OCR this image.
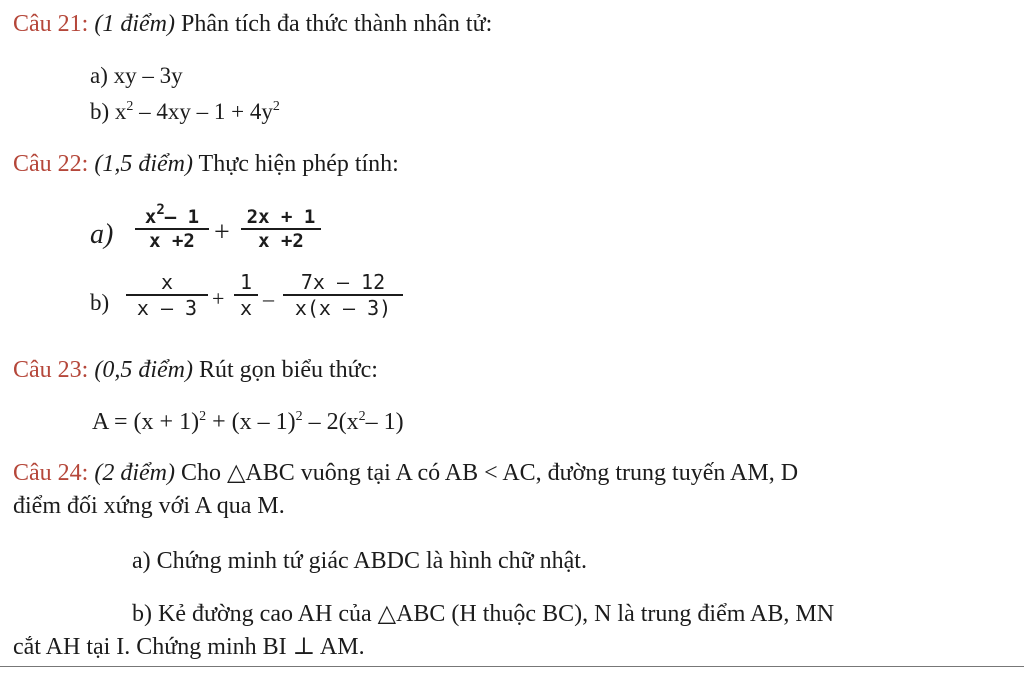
Câu 21: (1 điểm) Phân tích đa thức thành nhân tử:
a) xy – 3y
b) $x^2 - 4xy - 1 + 4y^2$
Câu 22: (1,5 điểm) Thực hiện phép tính:
a)
$x^2-$ 1
x +2 + 2x + 1
x +2
b)
x
x – 3 +
1
x –
7x – 12
x(x – 3)
Câu 23: (0,5 điểm) Rút gọn biểu thức:
$A = (x + 1)^2 + (x - 1)^2 - 2(x^2-$ 1)
Câu 24: (2 điểm) Cho △ABC vuông tại A có AB < AC, đường trung tuyến AM, D
điểm đối xứng với A qua M.
a) Chứng minh tứ giác ABDC là hình chữ nhật.
b) Kẻ đường cao AH của △ABC (H thuộc BC), N là trung điểm AB, MN
cắt AH tại I. Chứng minh BI ⊥ AM.
